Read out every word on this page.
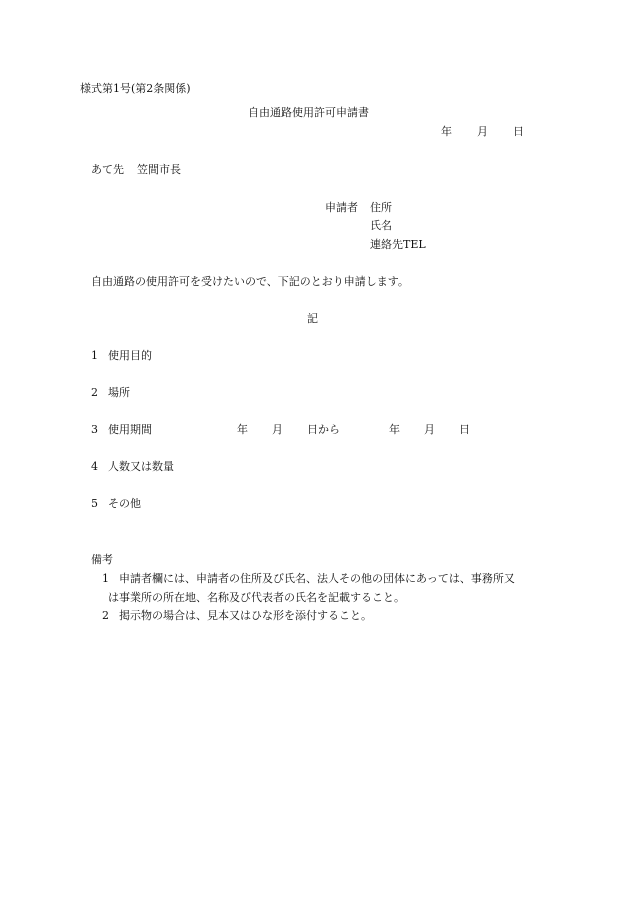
様式第1号(第2条関係)
自由通路使用許可申請書
年 月 日
あて先 笠間市長
申請者 住所
氏名
連絡先TEL
自由通路の使用許可を受けたいので、下記のとおり申請します。
記
1 使用目的
2 場所
3 使用期間	年 月 日から	年 月 日
4 人数又は数量
5 その他
備考
1 申請者欄には、申請者の住所及び氏名、法人その他の団体にあっては、事務所又
は事業所の所在地、名称及び代表者の氏名を記載すること。
2 掲示物の場合は、見本又はひな形を添付すること。
